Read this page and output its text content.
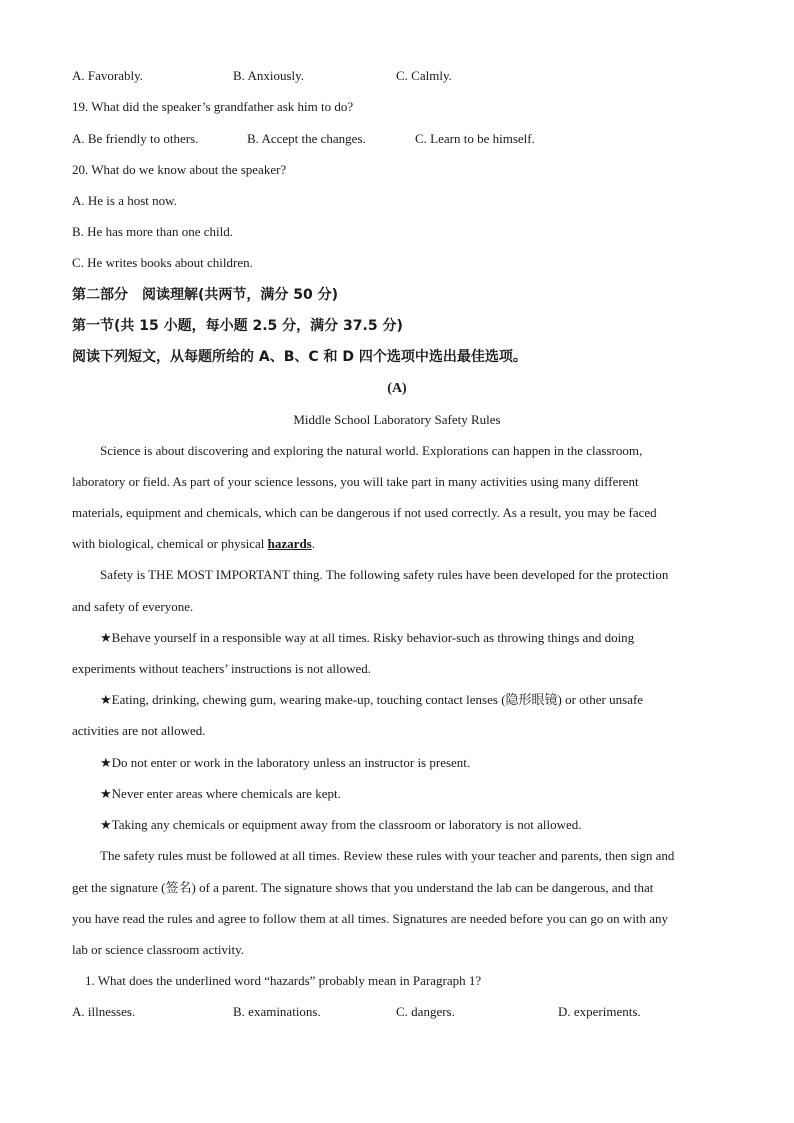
A. Favorably.	B. Anxiously.	C. Calmly.
19. What did the speaker’s grandfather ask him to do?
A. Be friendly to others.	B. Accept the changes.	C. Learn to be himself.
20. What do we know about the speaker?
A. He is a host now.
B. He has more than one child.
C. He writes books about children.
第二部分　阅读理解(共两节，满分 50 分)
第一节(共 15 小题，每小题 2.5 分，满分 37.5 分)
阅读下列短文，从每题所给的 A、B、C 和 D 四个选项中选出最佳选项。
(A)
Middle School Laboratory Safety Rules
Science is about discovering and exploring the natural world. Explorations can happen in the classroom,
laboratory or field. As part of your science lessons, you will take part in many activities using many different
materials, equipment and chemicals, which can be dangerous if not used correctly. As a result, you may be faced
with biological, chemical or physical hazards.
Safety is THE MOST IMPORTANT thing. The following safety rules have been developed for the protection
and safety of everyone.
★Behave yourself in a responsible way at all times. Risky behavior-such as throwing things and doing
experiments without teachers’ instructions is not allowed.
★Eating, drinking, chewing gum, wearing make-up, touching contact lenses (隐形眼镜) or other unsafe
activities are not allowed.
★Do not enter or work in the laboratory unless an instructor is present.
★Never enter areas where chemicals are kept.
★Taking any chemicals or equipment away from the classroom or laboratory is not allowed.
The safety rules must be followed at all times. Review these rules with your teacher and parents, then sign and
get the signature (签名) of a parent. The signature shows that you understand the lab can be dangerous, and that
you have read the rules and agree to follow them at all times. Signatures are needed before you can go on with any
lab or science classroom activity.
1. What does the underlined word “hazards” probably mean in Paragraph 1?
A. illnesses.	B. examinations.	C. dangers.	D. experiments.
